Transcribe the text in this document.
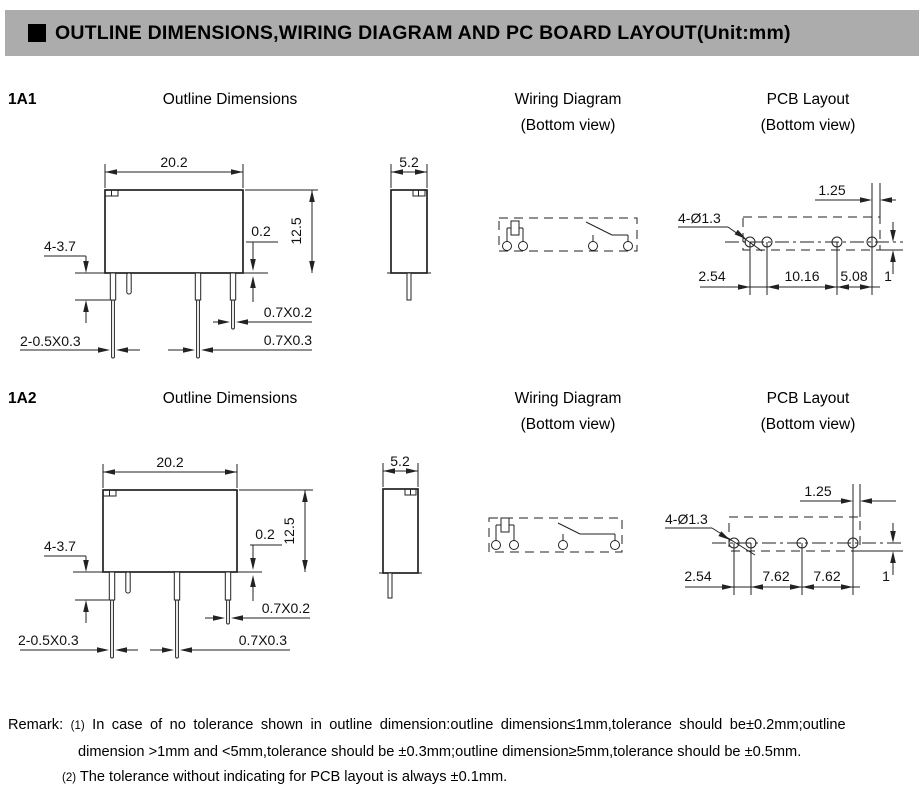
OUTLINE DIMENSIONS,WIRING DIAGRAM AND PC BOARD LAYOUT(Unit:mm)
1A1	Outline Dimensions	Wiring Diagram
(Bottom view)
PCB Layout
(Bottom view)
20.2
12.5
0.2
4-3.7
0.7X0.2
0.7X0.3
2-0.5X0.3
5.2
4-Ø1.3
1.25
2.54	10.16 5.08 1
1A2	Outline Dimensions	Wiring Diagram
(Bottom view)
PCB Layout
(Bottom view)
20.2
12.5
0.2
4-3.7
0.7X0.2
0.7X0.3
2-0.5X0.3
5.2
4-Ø1.3
1.25
2.54	7.62 7.62	1
Remark: (1) In case of no tolerance shown in outline dimension:outline dimension≤1mm,tolerance should be±0.2mm;outline
dimension >1mm and <5mm,tolerance should be ±0.3mm;outline dimension≥5mm,tolerance should be ±0.5mm.
(2) The tolerance without indicating for PCB layout is always ±0.1mm.
